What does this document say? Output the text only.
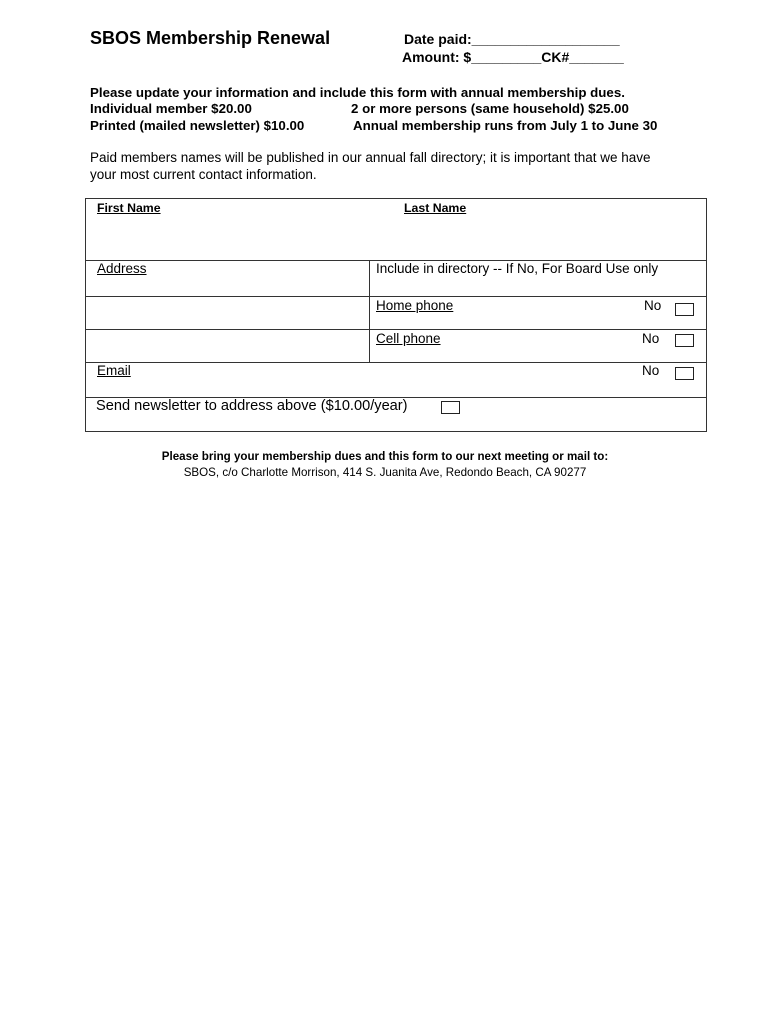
SBOS Membership Renewal	Date paid:___________________
Amount: $_________CK#_______
Please update your information and include this form with annual membership dues.
Individual member $20.00	2 or more persons (same household) $25.00
Printed (mailed newsletter) $10.00	Annual membership runs from July 1 to June 30
Paid members names will be published in our annual fall directory; it is important that we have
your most current contact information.
First Name	Last Name
Address	Include in directory -- If No, For Board Use only
Home phone	No
Cell phone	No
Email	No
Send newsletter to address above ($10.00/year)
Please bring your membership dues and this form to our next meeting or mail to:
SBOS, c/o Charlotte Morrison, 414 S. Juanita Ave, Redondo Beach, CA 90277
